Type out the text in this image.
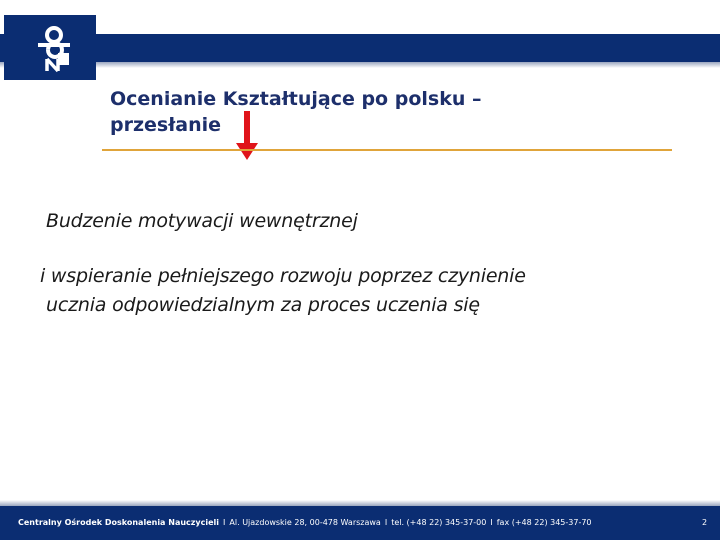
Ocenianie Kształtujące po polsku –
przesłanie
Budzenie motywacji wewnętrznej
i wspieranie pełniejszego rozwoju poprzez czynienie
ucznia odpowiedzialnym za proces uczenia się
Centralny Ośrodek Doskonalenia Nauczycieli I Al. Ujazdowskie 28, 00-478 Warszawa I tel. (+48 22) 345-37-00 I fax (+48 22) 345-37-70	2
